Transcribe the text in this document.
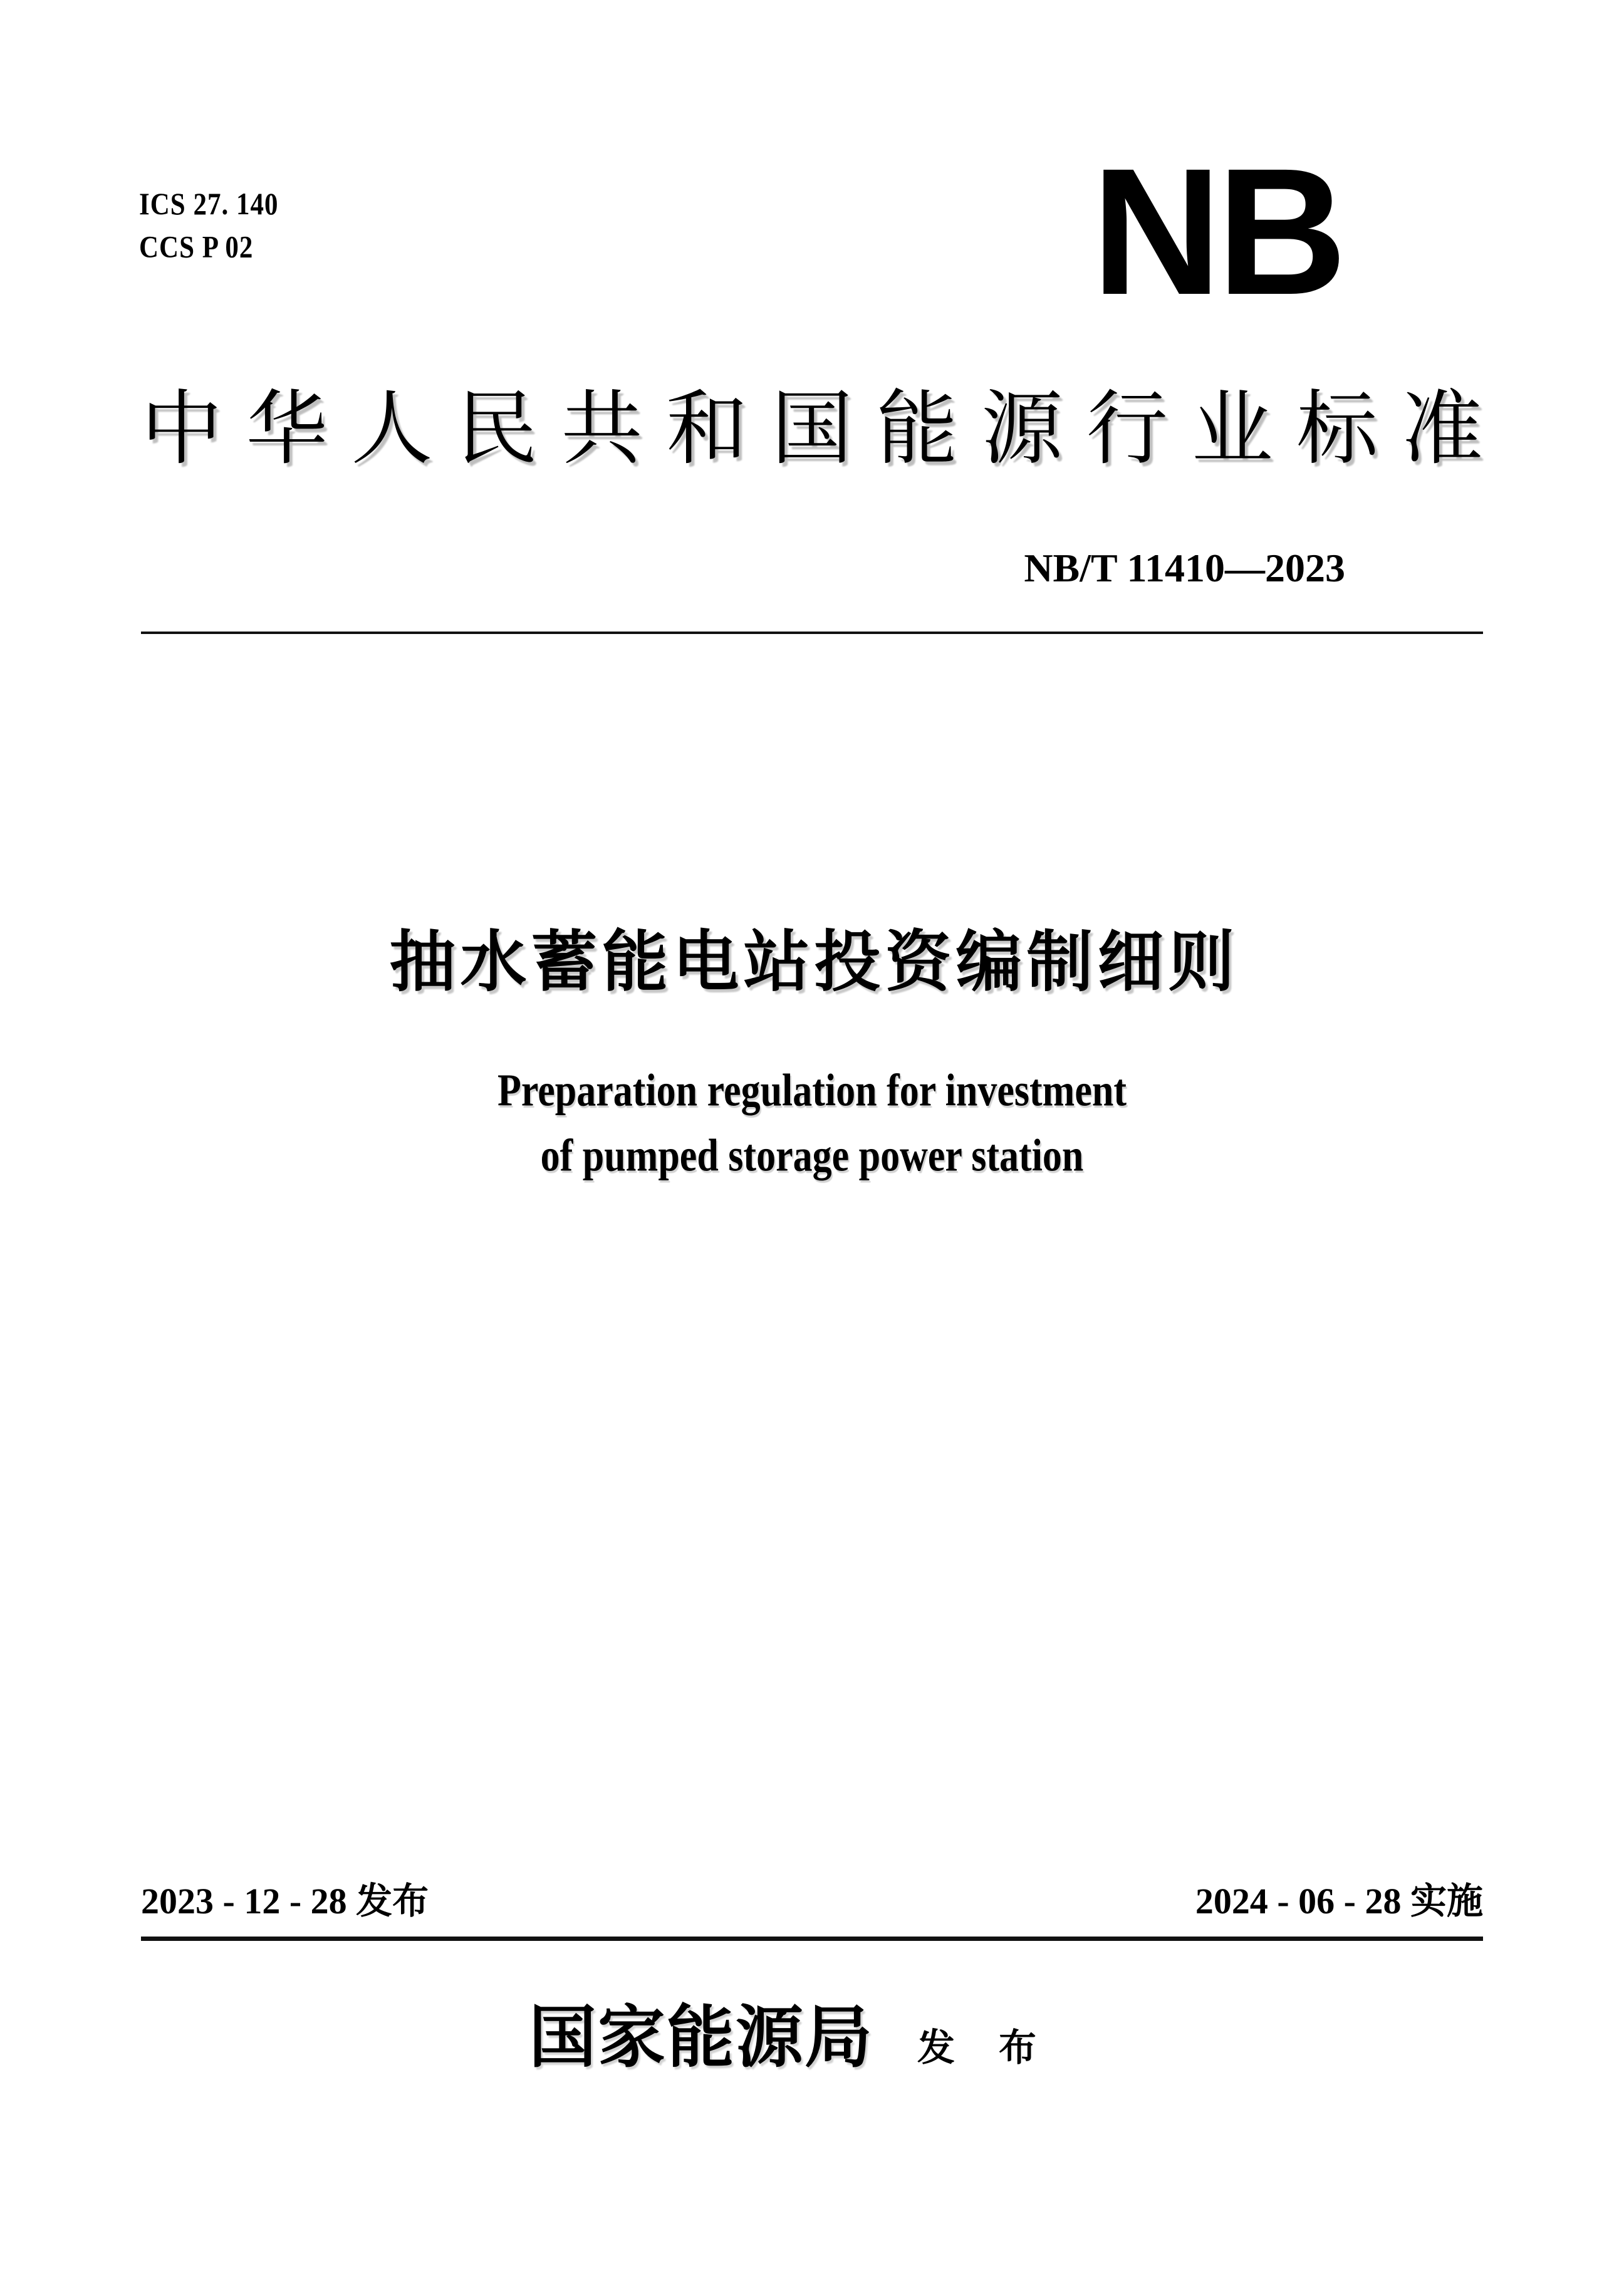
ICS 27. 140
CCS P 02	NB
中 华 人 民 共 和 国 能 源 行 业 标 准
NB/T 11410—2023
抽水蓄能电站投资编制细则
Preparation regulation for investment
of pumped storage power station
2023 - 12 - 28 发布	2024 - 06 - 28 实施
国家能源局 发 布
